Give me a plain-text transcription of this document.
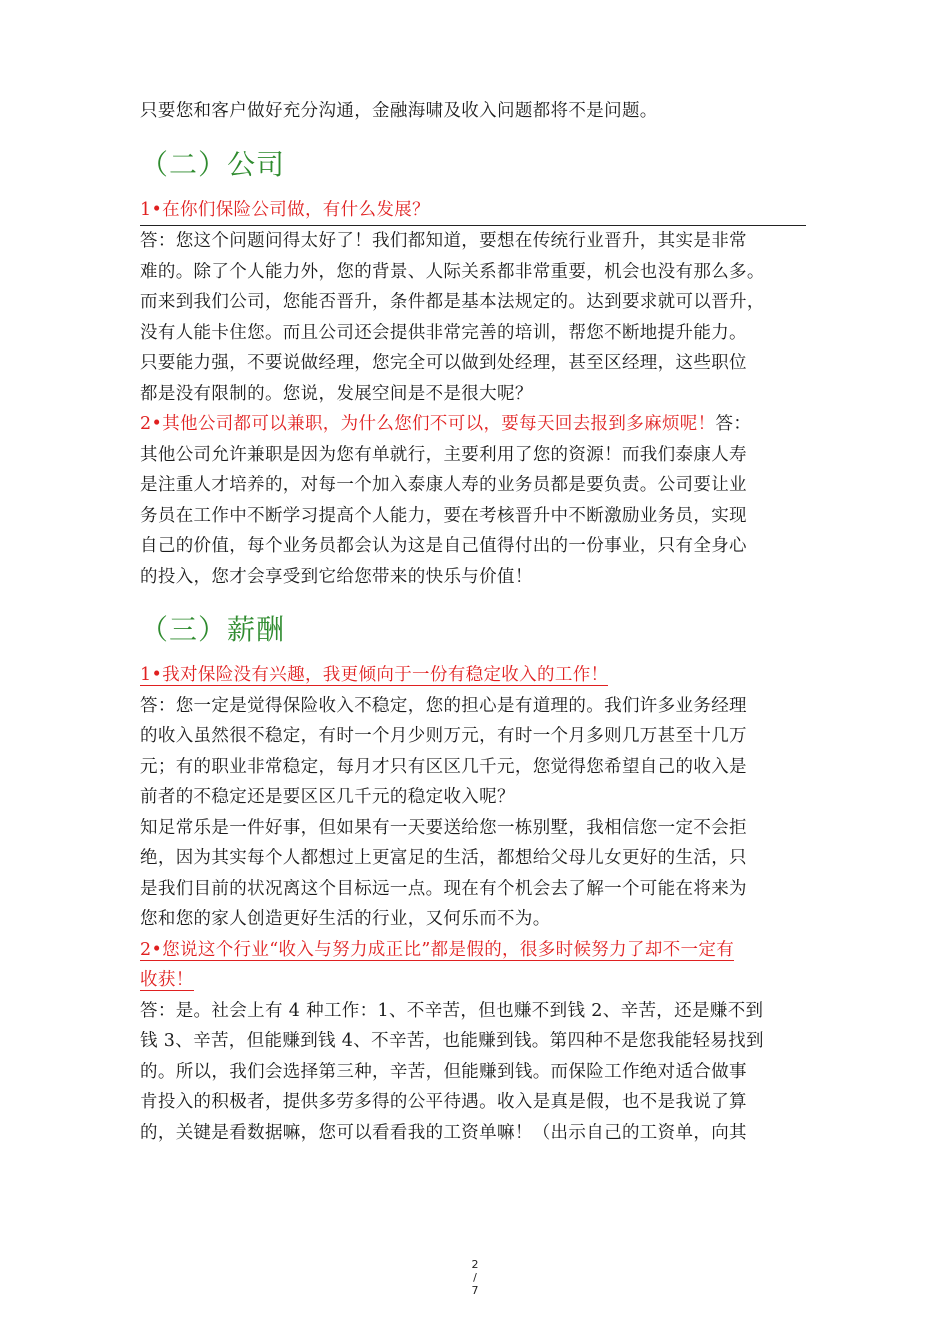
只要您和客户做好充分沟通，金融海啸及收入问题都将不是问题。
（二）公司
1•在你们保险公司做，有什么发展？
答：您这个问题问得太好了！我们都知道，要想在传统行业晋升，其实是非常
难的。除了个人能力外，您的背景、人际关系都非常重要，机会也没有那么多。
而来到我们公司，您能否晋升，条件都是基本法规定的。达到要求就可以晋升，
没有人能卡住您。而且公司还会提供非常完善的培训，帮您不断地提升能力。
只要能力强，不要说做经理，您完全可以做到处经理，甚至区经理，这些职位
都是没有限制的。您说，发展空间是不是很大呢？
2•其他公司都可以兼职，为什么您们不可以，要每天回去报到多麻烦呢！答：
其他公司允许兼职是因为您有单就行，主要利用了您的资源！而我们泰康人寿
是注重人才培养的，对每一个加入泰康人寿的业务员都是要负责。公司要让业
务员在工作中不断学习提高个人能力，要在考核晋升中不断激励业务员，实现
自己的价值，每个业务员都会认为这是自己值得付出的一份事业，只有全身心
的投入，您才会享受到它给您带来的快乐与价值！
（三）薪酬
1•我对保险没有兴趣，我更倾向于一份有稳定收入的工作！
答：您一定是觉得保险收入不稳定，您的担心是有道理的。我们许多业务经理
的收入虽然很不稳定，有时一个月少则万元，有时一个月多则几万甚至十几万
元；有的职业非常稳定，每月才只有区区几千元，您觉得您希望自己的收入是
前者的不稳定还是要区区几千元的稳定收入呢？
知足常乐是一件好事，但如果有一天要送给您一栋别墅，我相信您一定不会拒
绝，因为其实每个人都想过上更富足的生活，都想给父母儿女更好的生活，只
是我们目前的状况离这个目标远一点。现在有个机会去了解一个可能在将来为
您和您的家人创造更好生活的行业，又何乐而不为。
2•您说这个行业“收入与努力成正比”都是假的，很多时候努力了却不一定有
收获！
答：是。社会上有 4 种工作：1、不辛苦，但也赚不到钱 2、辛苦，还是赚不到
钱 3、辛苦，但能赚到钱 4、不辛苦，也能赚到钱。第四种不是您我能轻易找到
的。所以，我们会选择第三种，辛苦，但能赚到钱。而保险工作绝对适合做事
肯投入的积极者，提供多劳多得的公平待遇。收入是真是假，也不是我说了算
的，关键是看数据嘛，您可以看看我的工资单嘛！（出示自己的工资单，向其
2
/
7
